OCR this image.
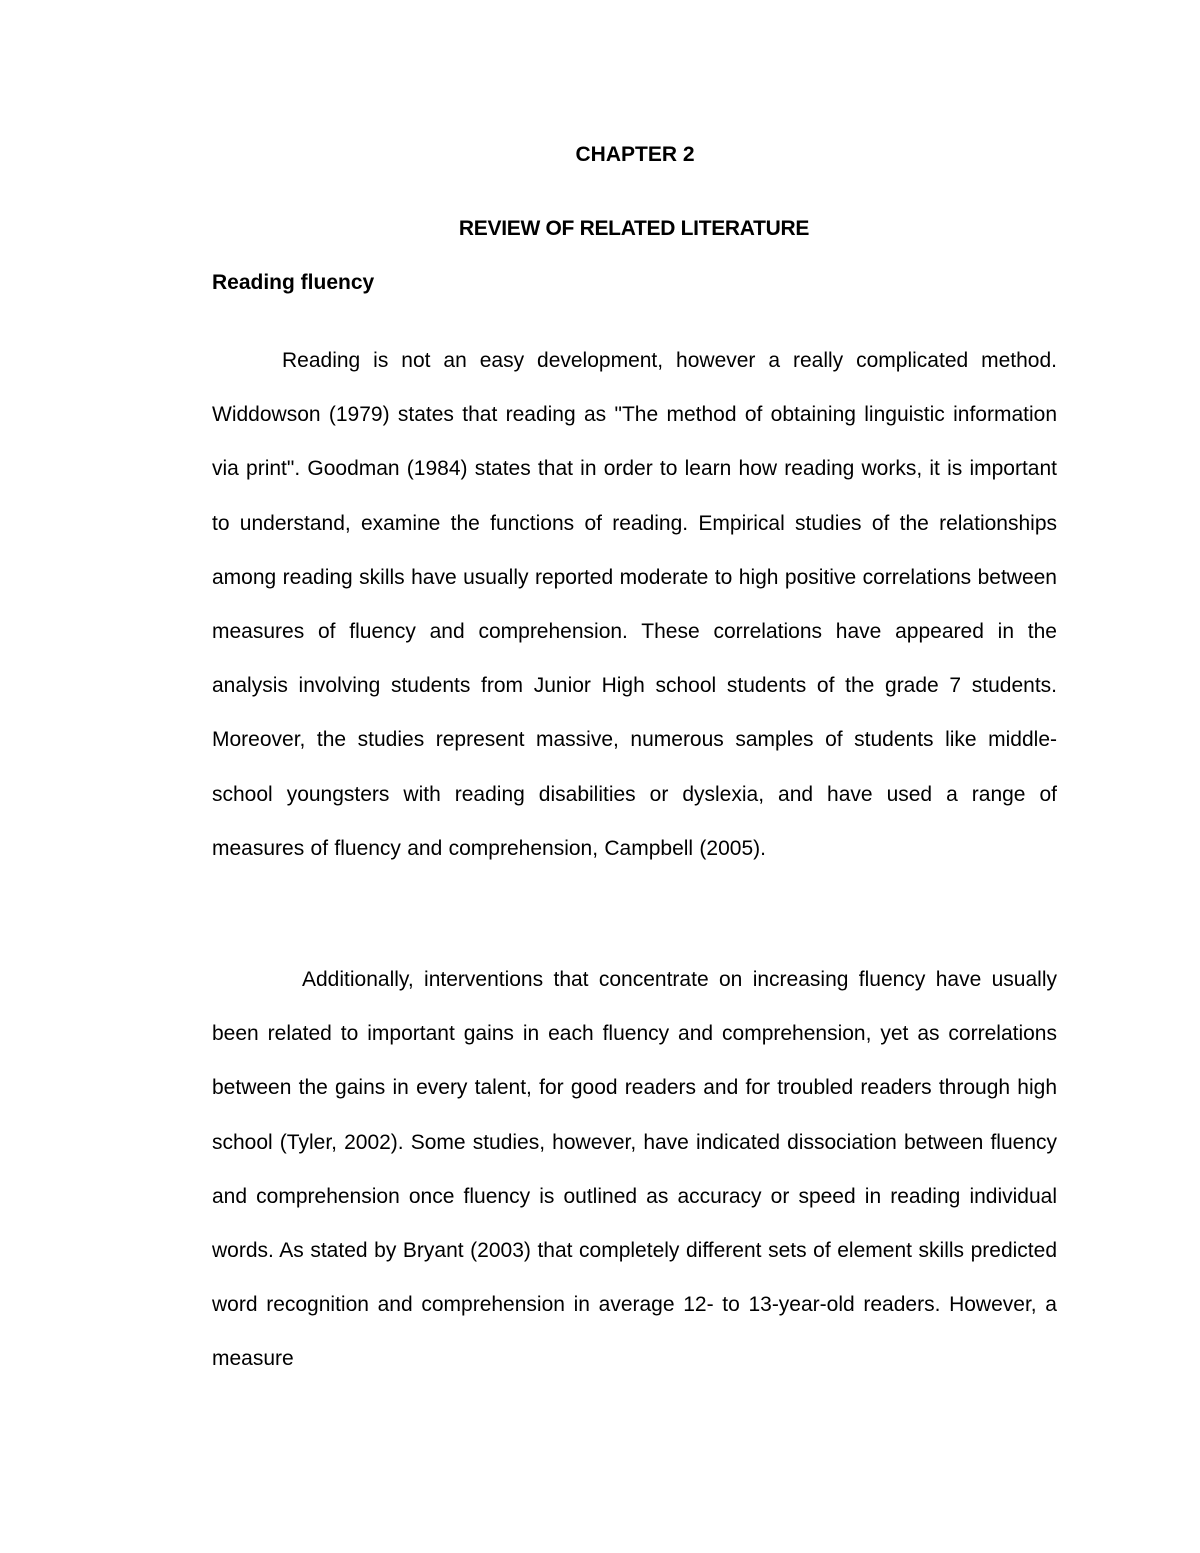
CHAPTER 2
REVIEW OF RELATED LITERATURE
Reading fluency

Reading is not an easy development, however a really complicated method. Widdowson (1979) states that reading as "The method of obtaining linguistic information via print". Goodman (1984) states that in order to learn how reading works, it is important to understand, examine the functions of reading. Empirical studies of the relationships among reading skills have usually reported moderate to high positive correlations between measures of fluency and comprehension. These correlations have appeared in the analysis involving students from Junior High school students of the grade 7 students. Moreover, the studies represent massive, numerous samples of students like middle-school youngsters with reading disabilities or dyslexia, and have used a range of measures of fluency and comprehension, Campbell (2005).

Additionally, interventions that concentrate on increasing fluency have usually been related to important gains in each fluency and comprehension, yet as correlations between the gains in every talent, for good readers and for troubled readers through high school (Tyler, 2002). Some studies, however, have indicated dissociation between fluency and comprehension once fluency is outlined as accuracy or speed in reading individual words. As stated by Bryant (2003) that completely different sets of element skills predicted word recognition and comprehension in average 12- to 13-year-old readers. However, a measure
